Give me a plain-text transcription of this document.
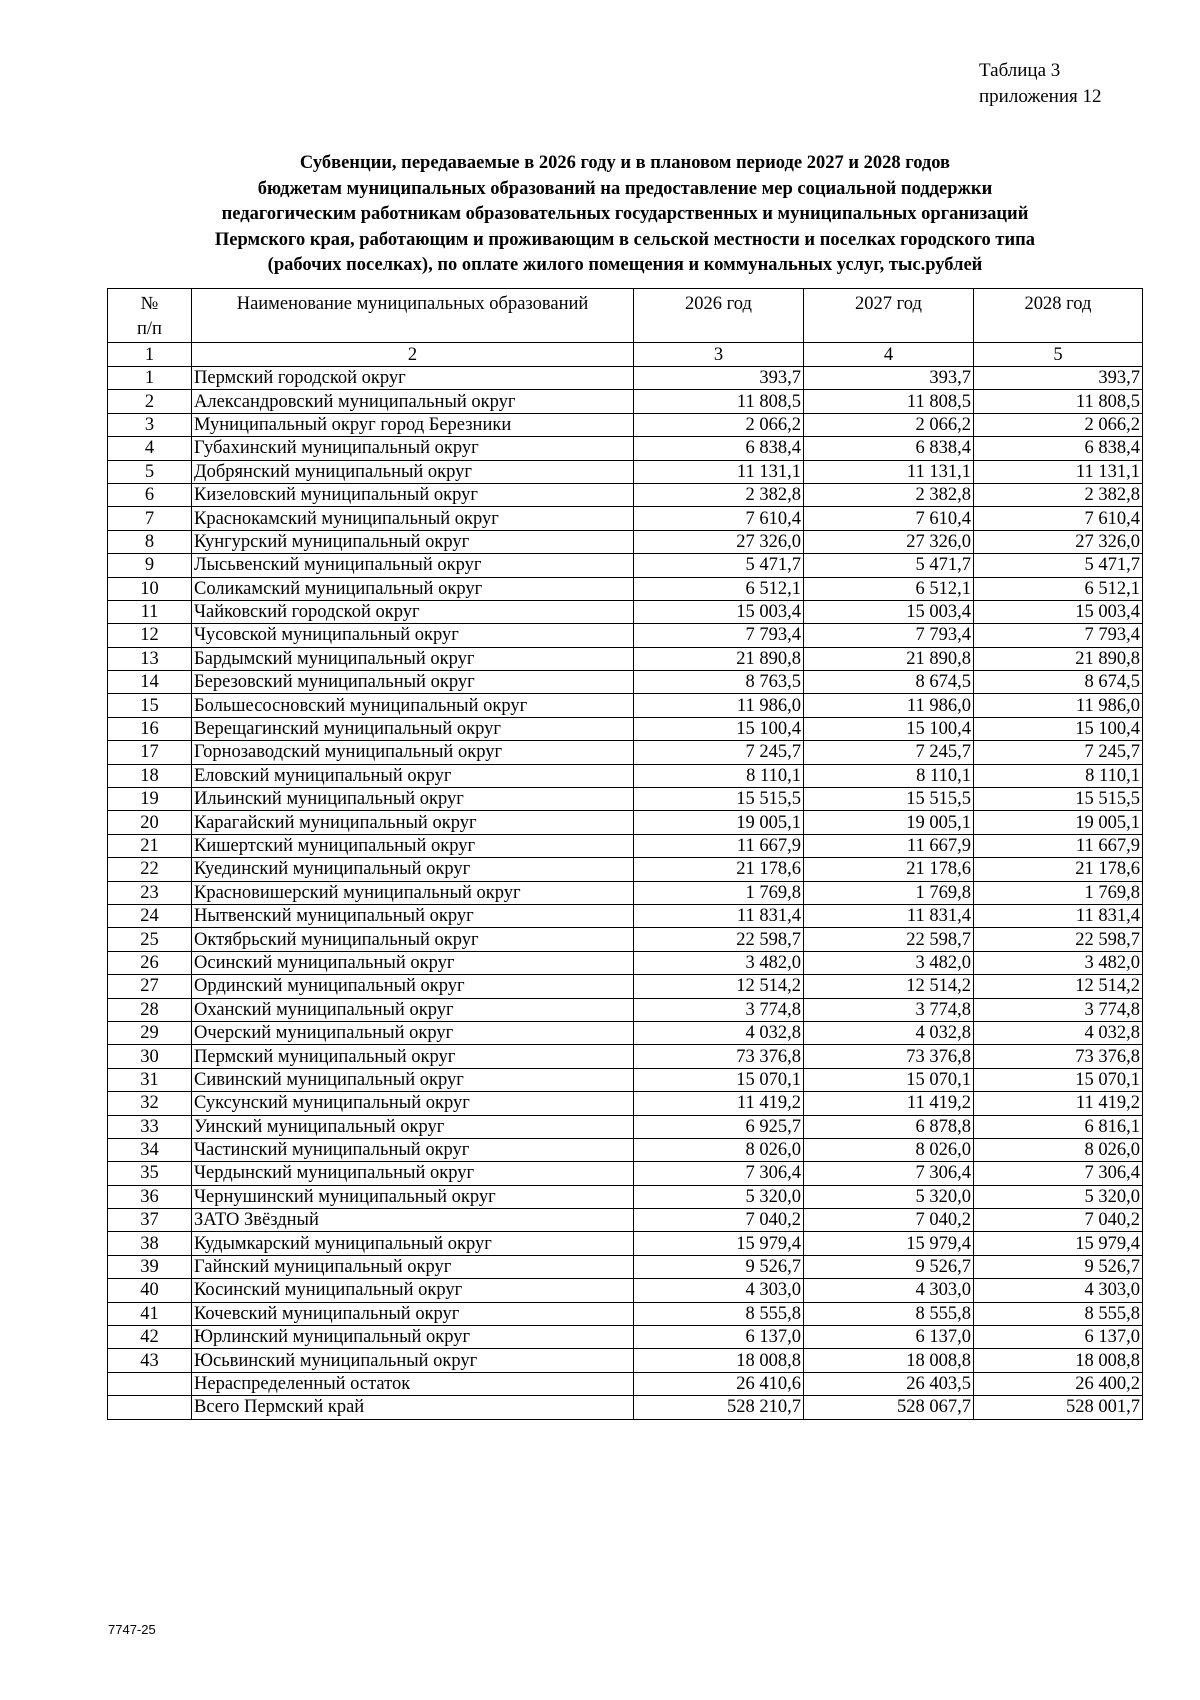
Таблица 3
приложения 12
Субвенции, передаваемые в 2026 году и в плановом периоде 2027 и 2028 годов
бюджетам муниципальных образований на предоставление мер социальной поддержки
педагогическим работникам образовательных государственных и муниципальных организаций
Пермского края, работающим и проживающим в сельской местности и поселках городского типа
(рабочих поселках), по оплате жилого помещения и коммунальных услуг, тыс.рублей
№
п/п	Наименование муниципальных образований	2026 год	2027 год	2028 год
1	2	3	4	5
1	Пермский городской округ	393,7	393,7	393,7
2	Александровский муниципальный округ	11 808,5	11 808,5	11 808,5
3	Муниципальный округ город Березники	2 066,2	2 066,2	2 066,2
4	Губахинский муниципальный округ	6 838,4	6 838,4	6 838,4
5	Добрянский муниципальный округ	11 131,1	11 131,1	11 131,1
6	Кизеловский муниципальный округ	2 382,8	2 382,8	2 382,8
7	Краснокамский муниципальный округ	7 610,4	7 610,4	7 610,4
8	Кунгурский муниципальный округ	27 326,0	27 326,0	27 326,0
9	Лысьвенский муниципальный округ	5 471,7	5 471,7	5 471,7
10	Соликамский муниципальный округ	6 512,1	6 512,1	6 512,1
11	Чайковский городской округ	15 003,4	15 003,4	15 003,4
12	Чусовской муниципальный округ	7 793,4	7 793,4	7 793,4
13	Бардымский муниципальный округ	21 890,8	21 890,8	21 890,8
14	Березовский муниципальный округ	8 763,5	8 674,5	8 674,5
15	Большесосновский муниципальный округ	11 986,0	11 986,0	11 986,0
16	Верещагинский муниципальный округ	15 100,4	15 100,4	15 100,4
17	Горнозаводский муниципальный округ	7 245,7	7 245,7	7 245,7
18	Еловский муниципальный округ	8 110,1	8 110,1	8 110,1
19	Ильинский муниципальный округ	15 515,5	15 515,5	15 515,5
20	Карагайский муниципальный округ	19 005,1	19 005,1	19 005,1
21	Кишертский муниципальный округ	11 667,9	11 667,9	11 667,9
22	Куединский муниципальный округ	21 178,6	21 178,6	21 178,6
23	Красновишерский муниципальный округ	1 769,8	1 769,8	1 769,8
24	Нытвенский муниципальный округ	11 831,4	11 831,4	11 831,4
25	Октябрьский муниципальный округ	22 598,7	22 598,7	22 598,7
26	Осинский муниципальный округ	3 482,0	3 482,0	3 482,0
27	Ординский муниципальный округ	12 514,2	12 514,2	12 514,2
28	Оханский муниципальный округ	3 774,8	3 774,8	3 774,8
29	Очерский муниципальный округ	4 032,8	4 032,8	4 032,8
30	Пермский муниципальный округ	73 376,8	73 376,8	73 376,8
31	Сивинский муниципальный округ	15 070,1	15 070,1	15 070,1
32	Суксунский муниципальный округ	11 419,2	11 419,2	11 419,2
33	Уинский муниципальный округ	6 925,7	6 878,8	6 816,1
34	Частинский муниципальный округ	8 026,0	8 026,0	8 026,0
35	Чердынский муниципальный округ	7 306,4	7 306,4	7 306,4
36	Чернушинский муниципальный округ	5 320,0	5 320,0	5 320,0
37	ЗАТО Звёздный	7 040,2	7 040,2	7 040,2
38	Кудымкарский муниципальный округ	15 979,4	15 979,4	15 979,4
39	Гайнский муниципальный округ	9 526,7	9 526,7	9 526,7
40	Косинский муниципальный округ	4 303,0	4 303,0	4 303,0
41	Кочевский муниципальный округ	8 555,8	8 555,8	8 555,8
42	Юрлинский муниципальный округ	6 137,0	6 137,0	6 137,0
43	Юсьвинский муниципальный округ	18 008,8	18 008,8	18 008,8
	Нераспределенный остаток	26 410,6	26 403,5	26 400,2
	Всего Пермский край	528 210,7	528 067,7	528 001,7
7747-25
